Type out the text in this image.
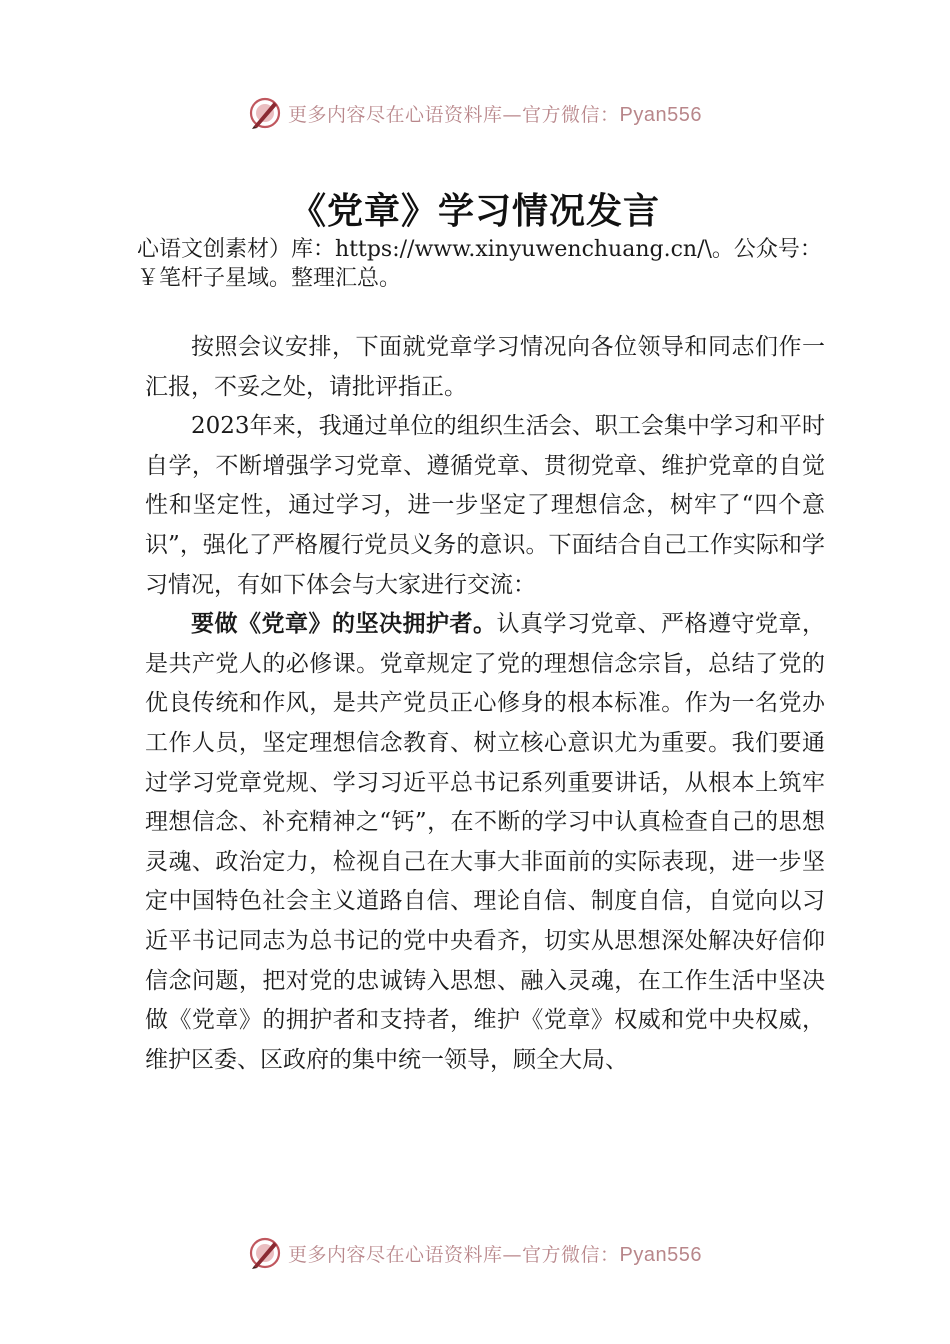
更多内容尽在心语资料库—官方微信：Pyan556
《党章》学习情况发言
心语文创素材）库：https://www.xinyuwenchuang.cn/\。公众号：￥笔杆子星域。整理汇总。

按照会议安排，下面就党章学习情况向各位领导和同志们作一汇报，不妥之处，请批评指正。

2023年来，我通过单位的组织生活会、职工会集中学习和平时自学，不断增强学习党章、遵循党章、贯彻党章、维护党章的自觉性和坚定性，通过学习，进一步坚定了理想信念，树牢了“四个意识”，强化了严格履行党员义务的意识。下面结合自己工作实际和学习情况，有如下体会与大家进行交流：

要做《党章》的坚决拥护者。认真学习党章、严格遵守党章，是共产党人的必修课。党章规定了党的理想信念宗旨，总结了党的优良传统和作风，是共产党员正心修身的根本标准。作为一名党办工作人员，坚定理想信念教育、树立核心意识尤为重要。我们要通过学习党章党规、学习习近平总书记系列重要讲话，从根本上筑牢理想信念、补充精神之“钙”，在不断的学习中认真检查自己的思想灵魂、政治定力，检视自己在大事大非面前的实际表现，进一步坚定中国特色社会主义道路自信、理论自信、制度自信，自觉向以习近平书记同志为总书记的党中央看齐，切实从思想深处解决好信仰信念问题，把对党的忠诚铸入思想、融入灵魂，在工作生活中坚决做《党章》的拥护者和支持者，维护《党章》权威和党中央权威，维护区委、区政府的集中统一领导，顾全大局、

更多内容尽在心语资料库—官方微信：Pyan556
